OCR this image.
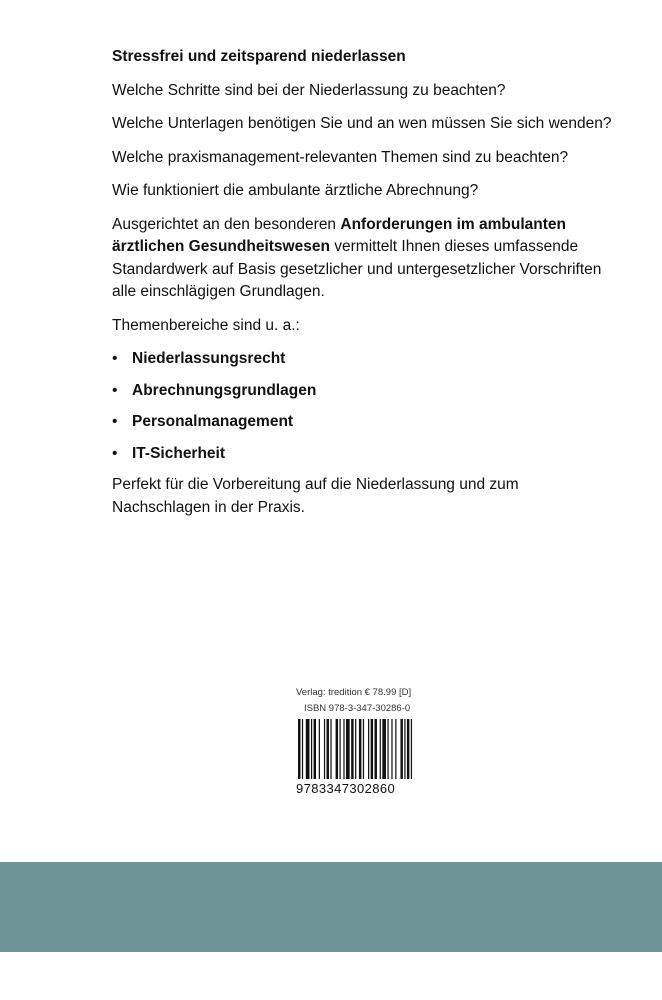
Stressfrei und zeitsparend niederlassen

Welche Schritte sind bei der Niederlassung zu beachten?

Welche Unterlagen benötigen Sie und an wen müssen Sie sich wenden?

Welche praxismanagement-relevanten Themen sind zu beachten?

Wie funktioniert die ambulante ärztliche Abrechnung?

Ausgerichtet an den besonderen Anforderungen im ambulanten ärztlichen Gesundheitswesen vermittelt Ihnen dieses umfassende Standardwerk auf Basis gesetzlicher und untergesetzlicher Vorschriften alle einschlägigen Grundlagen.

Themenbereiche sind u. a.:

• Niederlassungsrecht
• Abrechnungsgrundlagen
• Personalmanagement
• IT-Sicherheit

Perfekt für die Vorbereitung auf die Niederlassung und zum Nachschlagen in der Praxis.

Verlag: tredition € 78.99 [D]
ISBN 978-3-347-30286-0
9783347302860
